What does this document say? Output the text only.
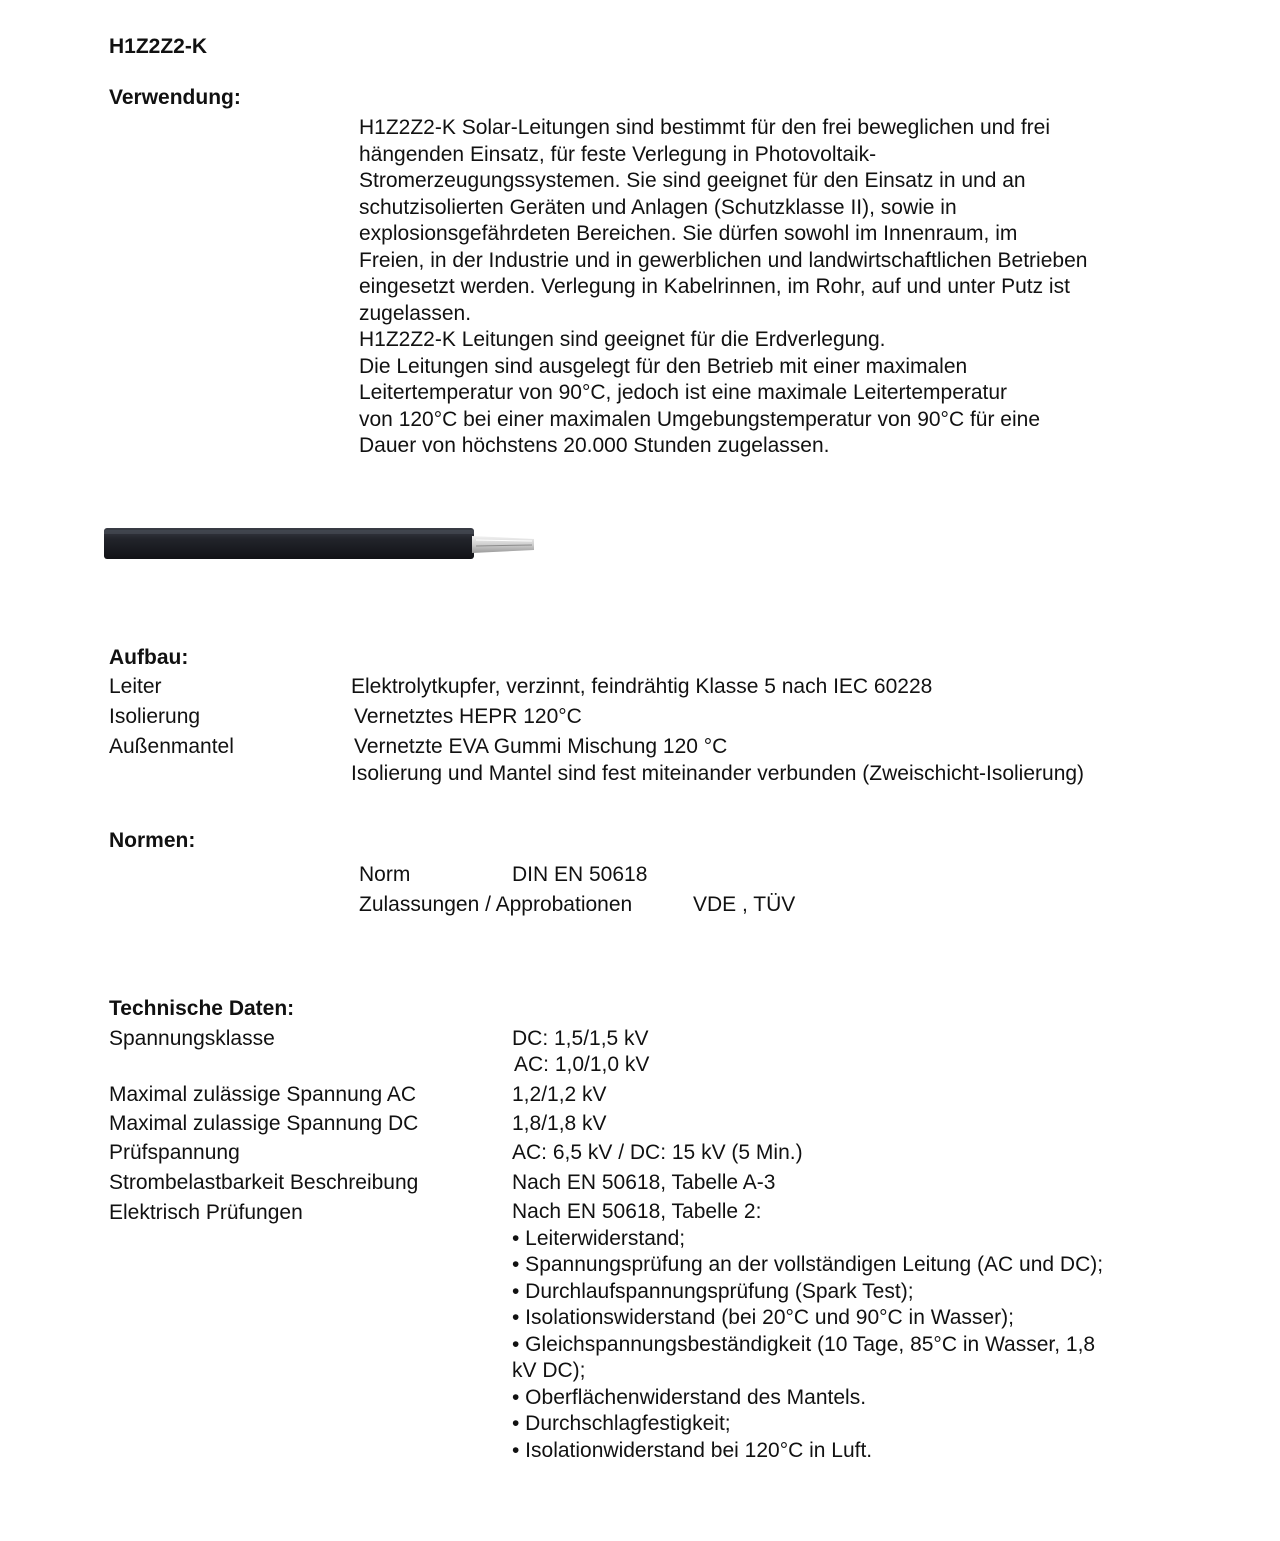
H1Z2Z2-K
Verwendung:
H1Z2Z2-K Solar-Leitungen sind bestimmt für den frei beweglichen und frei
hängenden Einsatz, für feste Verlegung in Photovoltaik-
Stromerzeugungssystemen. Sie sind geeignet für den Einsatz in und an
schutzisolierten Geräten und Anlagen (Schutzklasse II), sowie in
explosionsgefährdeten Bereichen. Sie dürfen sowohl im Innenraum, im
Freien, in der Industrie und in gewerblichen und landwirtschaftlichen Betrieben
eingesetzt werden. Verlegung in Kabelrinnen, im Rohr, auf und unter Putz ist
zugelassen.
H1Z2Z2-K Leitungen sind geeignet für die Erdverlegung.
Die Leitungen sind ausgelegt für den Betrieb mit einer maximalen
Leitertemperatur von 90°C, jedoch ist eine maximale Leitertemperatur
von 120°C bei einer maximalen Umgebungstemperatur von 90°C für eine
Dauer von höchstens 20.000 Stunden zugelassen.
Aufbau:
Leiter	Elektrolytkupfer, verzinnt, feindrähtig Klasse 5 nach IEC 60228
Isolierung	Vernetztes HEPR 120°C
Außenmantel	Vernetzte EVA Gummi Mischung 120 °C
Isolierung und Mantel sind fest miteinander verbunden (Zweischicht-Isolierung)
Normen:
Norm	DIN EN 50618
Zulassungen / Approbationen	VDE , TÜV
Technische Daten:
Spannungsklasse	DC: 1,5/1,5 kV
AC: 1,0/1,0 kV
Maximal zulässige Spannung AC	1,2/1,2 kV
Maximal zulassige Spannung DC	1,8/1,8 kV
Prüfspannung	AC: 6,5 kV / DC: 15 kV (5 Min.)
Strombelastbarkeit Beschreibung	Nach EN 50618, Tabelle A-3
Elektrisch Prüfungen	Nach EN 50618, Tabelle 2:
• Leiterwiderstand;
• Spannungsprüfung an der vollständigen Leitung (AC und DC);
• Durchlaufspannungsprüfung (Spark Test);
• Isolationswiderstand (bei 20°C und 90°C in Wasser);
• Gleichspannungsbeständigkeit (10 Tage, 85°C in Wasser, 1,8
kV DC);
• Oberflächenwiderstand des Mantels.
• Durchschlagfestigkeit;
• Isolationwiderstand bei 120°C in Luft.
